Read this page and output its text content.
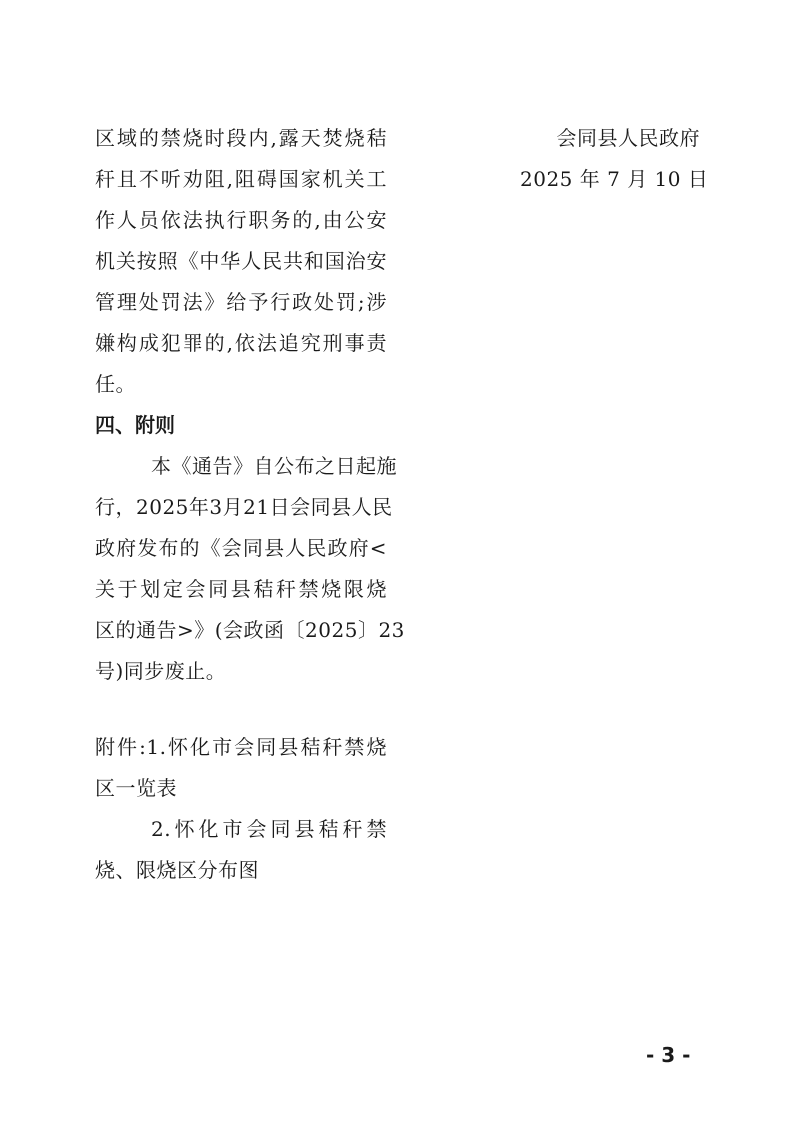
区域的禁烧时段内,露天焚烧秸
秆且不听劝阻,阻碍国家机关工
作人员依法执行职务的,由公安
机关按照《中华人民共和国治安
管理处罚法》给予行政处罚;涉
嫌构成犯罪的,依法追究刑事责
任。
四、附则
本《通告》自公布之日起施
行，2025年3月21日会同县人民
政府发布的《会同县人民政府<
关于划定会同县秸秆禁烧限烧
区的通告>》(会政函〔2025〕23
号)同步废止。
附件:1.怀化市会同县秸秆禁烧
区一览表
2.怀化市会同县秸秆禁
烧、限烧区分布图
会同县人民政府
2025 年 7 月 10 日
- 3 -
